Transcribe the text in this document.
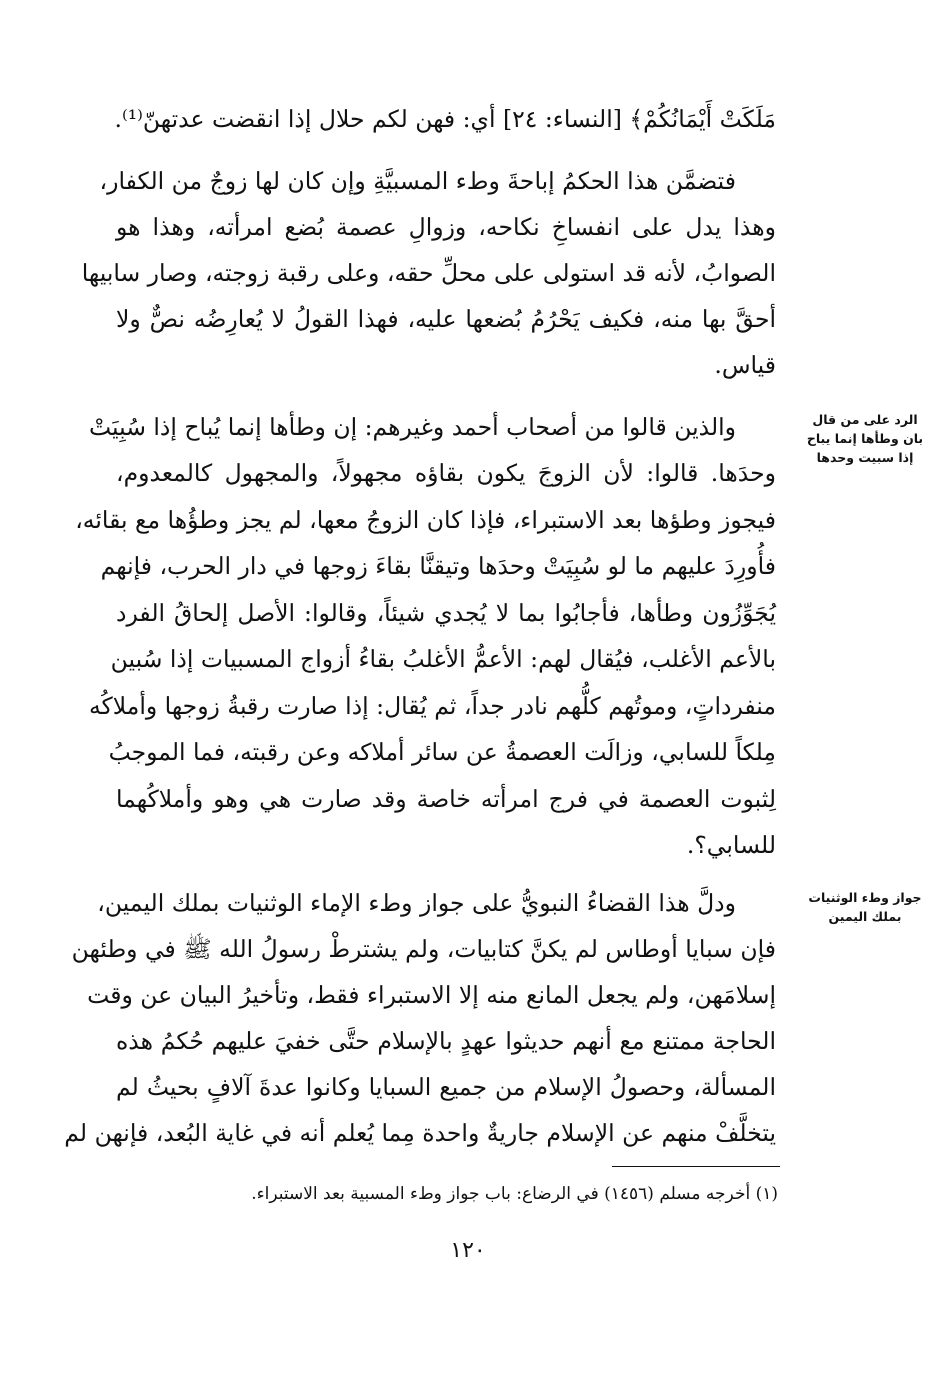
مَلَكَتْ أَيْمَانُكُمْ﴾ [النساء: ٢٤] أي: فهن لكم حلال إذا انقضت عدتهنّ⁽¹⁾.
فتضمَّن هذا الحكمُ إباحةَ وطء المسبيَّةِ وإن كان لها زوجٌ من الكفار،
وهذا يدل على انفساخِ نكاحه، وزوالِ عصمة بُضع امرأته، وهذا هو
الصوابُ، لأنه قد استولى على محلِّ حقه، وعلى رقبة زوجته، وصار سابيها
أحقَّ بها منه، فكيف يَحْرُمُ بُضعها عليه، فهذا القولُ لا يُعارِضُه نصٌّ ولا
قياس.
الرد على من قال بان وطأها إنما يباح إذا سبيت وحدها
والذين قالوا من أصحاب أحمد وغيرهم: إن وطأها إنما يُباح إذا سُبِيَتْ
وحدَها. قالوا: لأن الزوجَ يكون بقاؤه مجهولاً، والمجهول كالمعدوم،
فيجوز وطؤها بعد الاستبراء، فإذا كان الزوجُ معها، لم يجز وطؤُها مع بقائه،
فأُورِدَ عليهم ما لو سُبِيَتْ وحدَها وتيقنَّا بقاءَ زوجها في دار الحرب، فإنهم
يُجَوِّزُون وطأها، فأجابُوا بما لا يُجدي شيئاً، وقالوا: الأصل إلحاقُ الفرد
بالأعم الأغلب، فيُقال لهم: الأعمُّ الأغلبُ بقاءُ أزواج المسبيات إذا سُبين
منفرداتٍ، وموتُهم كلُّهم نادر جداً، ثم يُقال: إذا صارت رقبةُ زوجها وأملاكُه
مِلكاً للسابي، وزالَت العصمةُ عن سائر أملاكه وعن رقبته، فما الموجبُ
لِثبوت العصمة في فرج امرأته خاصة وقد صارت هي وهو وأملاكُهما
للسابي؟.
جواز وطء الوثنيات بملك اليمين
ودلَّ هذا القضاءُ النبويُّ على جواز وطء الإماء الوثنيات بملك اليمين،
فإن سبايا أوطاس لم يكنَّ كتابيات، ولم يشترطْ رسولُ الله ﷺ في وطئهن
إسلامَهن، ولم يجعل المانع منه إلا الاستبراء فقط، وتأخيرُ البيان عن وقت
الحاجة ممتنع مع أنهم حديثوا عهدٍ بالإسلام حتَّى خفيَ عليهم حُكمُ هذه
المسألة، وحصولُ الإسلام من جميع السبايا وكانوا عدةَ آلافٍ بحيثُ لم
يتخلَّفْ منهم عن الإسلام جاريةٌ واحدة مِما يُعلم أنه في غاية البُعد، فإنهن لم
(١) أخرجه مسلم (١٤٥٦) في الرضاع: باب جواز وطء المسبية بعد الاستبراء.
١٢٠
